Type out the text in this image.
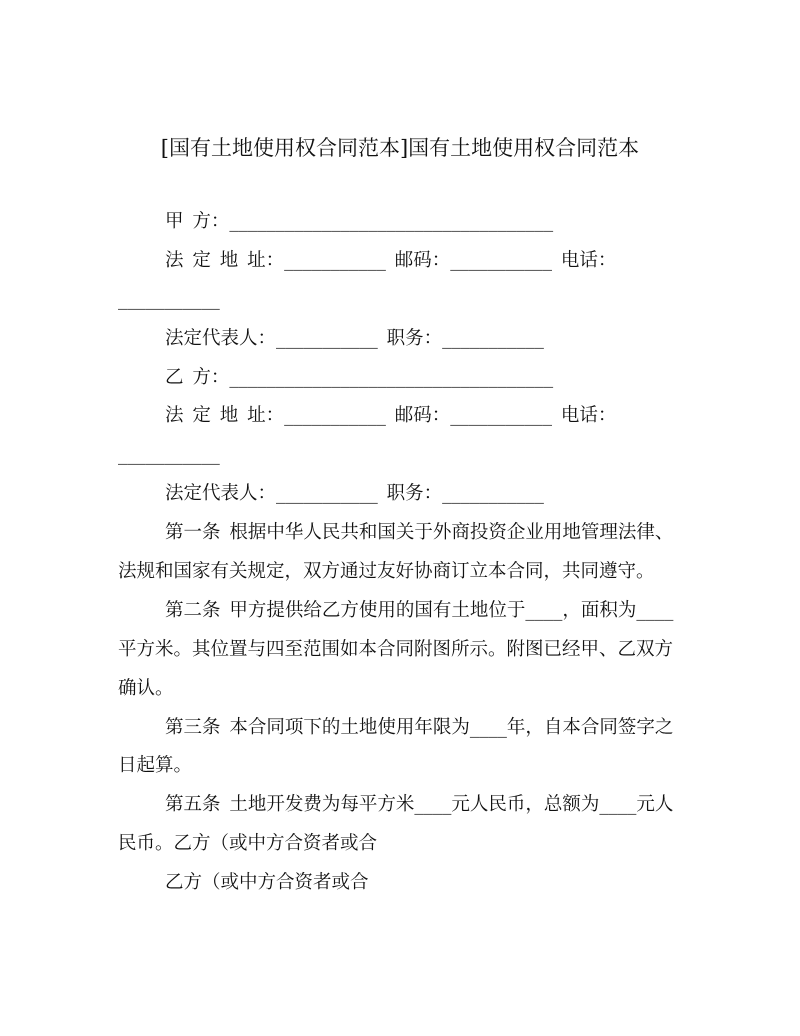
[国有土地使用权合同范本]国有土地使用权合同范本
甲 方：___________________________________
法 定 地 址：___________ 邮码：___________ 电话：
___________
法定代表人：___________ 职务：___________
乙 方：___________________________________
法 定 地 址：___________ 邮码：___________ 电话：
___________
法定代表人：___________ 职务：___________
第一条 根据中华人民共和国关于外商投资企业用地管理法律、
法规和国家有关规定，双方通过友好协商订立本合同，共同遵守。
第二条 甲方提供给乙方使用的国有土地位于____，面积为____
平方米。其位置与四至范围如本合同附图所示。附图已经甲、乙双方
确认。
第三条 本合同项下的土地使用年限为____年，自本合同签字之
日起算。
第五条 土地开发费为每平方米____元人民币，总额为____元人
民币。乙方（或中方合资者或合
乙方（或中方合资者或合
